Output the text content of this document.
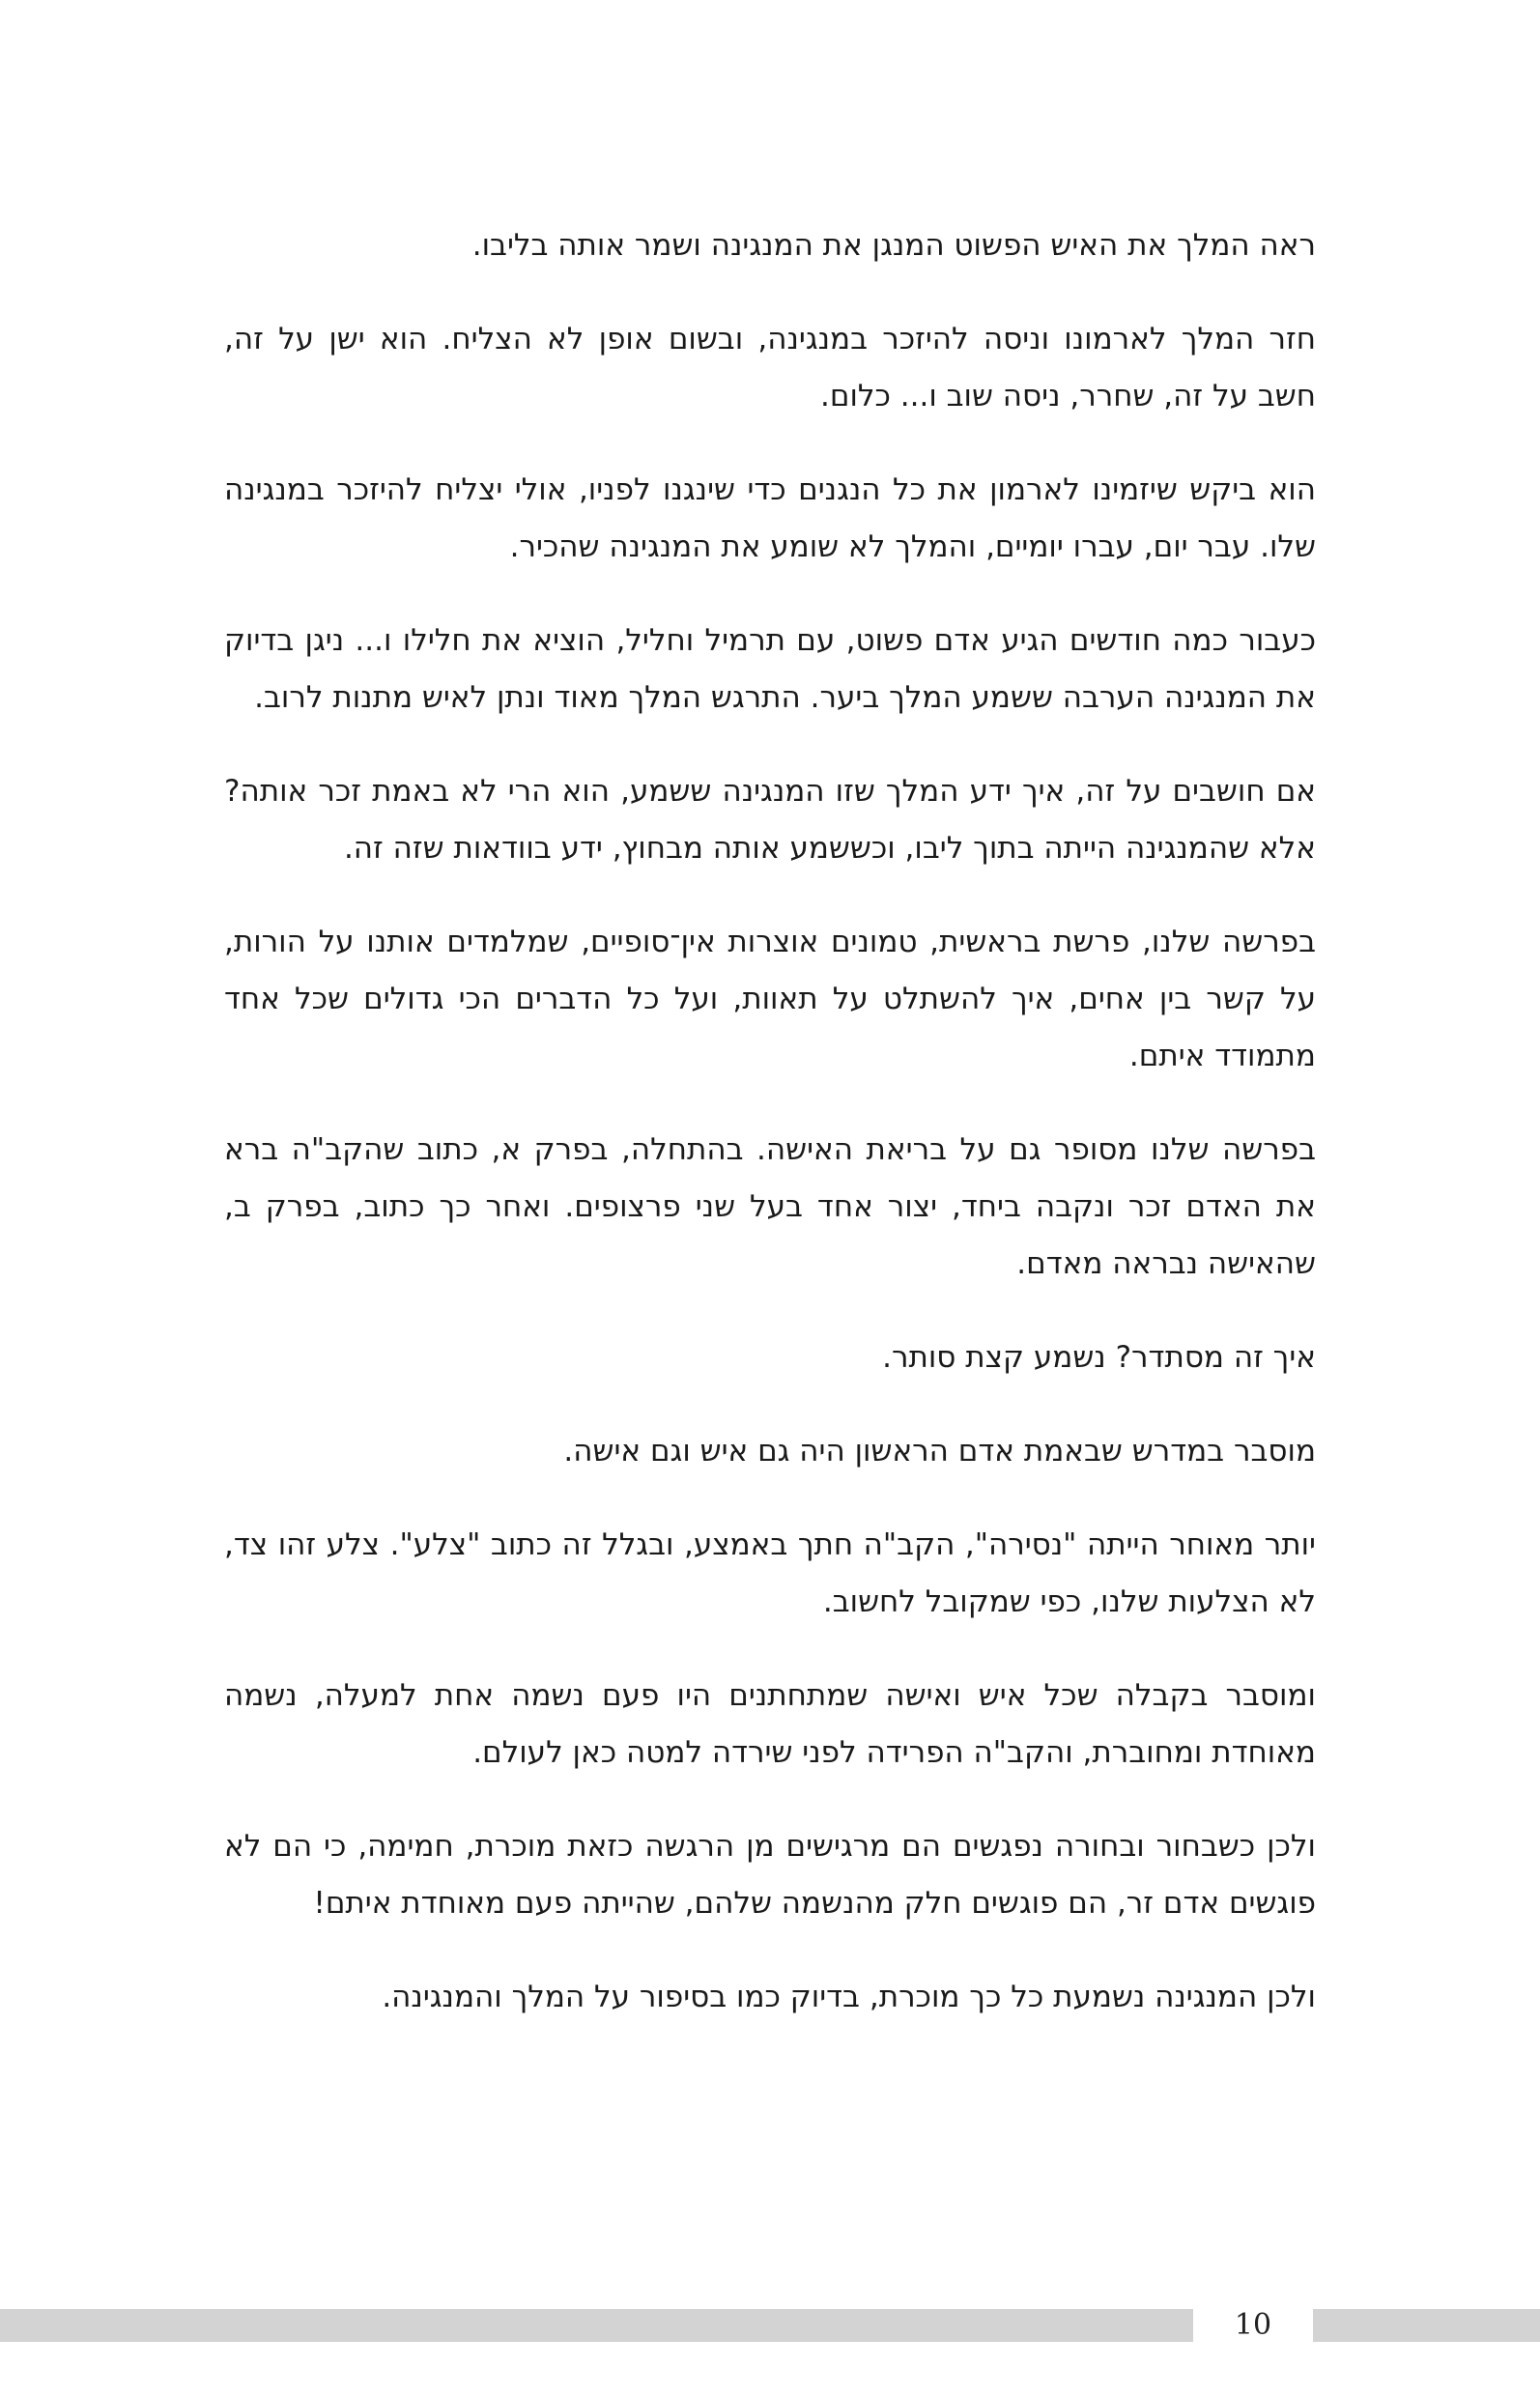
ראה המלך את האיש הפשוט המנגן את המנגינה ושמר אותה בליבו.

חזר המלך לארמונו וניסה להיזכר במנגינה, ובשום אופן לא הצליח. הוא ישן על זה, חשב על זה, שחרר, ניסה שוב ו... כלום.

הוא ביקש שיזמינו לארמון את כל הנגנים כדי שינגנו לפניו, אולי יצליח להיזכר במנגינה שלו. עבר יום, עברו יומיים, והמלך לא שומע את המנגינה שהכיר.

כעבור כמה חודשים הגיע אדם פשוט, עם תרמיל וחליל, הוציא את חלילו ו... ניגן בדיוק את המנגינה הערבה ששמע המלך ביער. התרגש המלך מאוד ונתן לאיש מתנות לרוב.

אם חושבים על זה, איך ידע המלך שזו המנגינה ששמע, הוא הרי לא באמת זכר אותה? אלא שהמנגינה הייתה בתוך ליבו, וכששמע אותה מבחוץ, ידע בוודאות שזה זה.

בפרשה שלנו, פרשת בראשית, טמונים אוצרות אין־סופיים, שמלמדים אותנו על הורות, על קשר בין אחים, איך להשתלט על תאוות, ועל כל הדברים הכי גדולים שכל אחד מתמודד איתם.

בפרשה שלנו מסופר גם על בריאת האישה. בהתחלה, בפרק א, כתוב שהקב"ה ברא את האדם זכר ונקבה ביחד, יצור אחד בעל שני פרצופים. ואחר כך כתוב, בפרק ב, שהאישה נבראה מאדם.

איך זה מסתדר? נשמע קצת סותר.

מוסבר במדרש שבאמת אדם הראשון היה גם איש וגם אישה.

יותר מאוחר הייתה "נסירה", הקב"ה חתך באמצע, ובגלל זה כתוב "צלע". צלע זהו צד, לא הצלעות שלנו, כפי שמקובל לחשוב.

ומוסבר בקבלה שכל איש ואישה שמתחתנים היו פעם נשמה אחת למעלה, נשמה מאוחדת ומחוברת, והקב"ה הפרידה לפני שירדה למטה כאן לעולם.

ולכן כשבחור ובחורה נפגשים הם מרגישים מן הרגשה כזאת מוכרת, חמימה, כי הם לא פוגשים אדם זר, הם פוגשים חלק מהנשמה שלהם, שהייתה פעם מאוחדת איתם!

ולכן המנגינה נשמעת כל כך מוכרת, בדיוק כמו בסיפור על המלך והמנגינה.

10
